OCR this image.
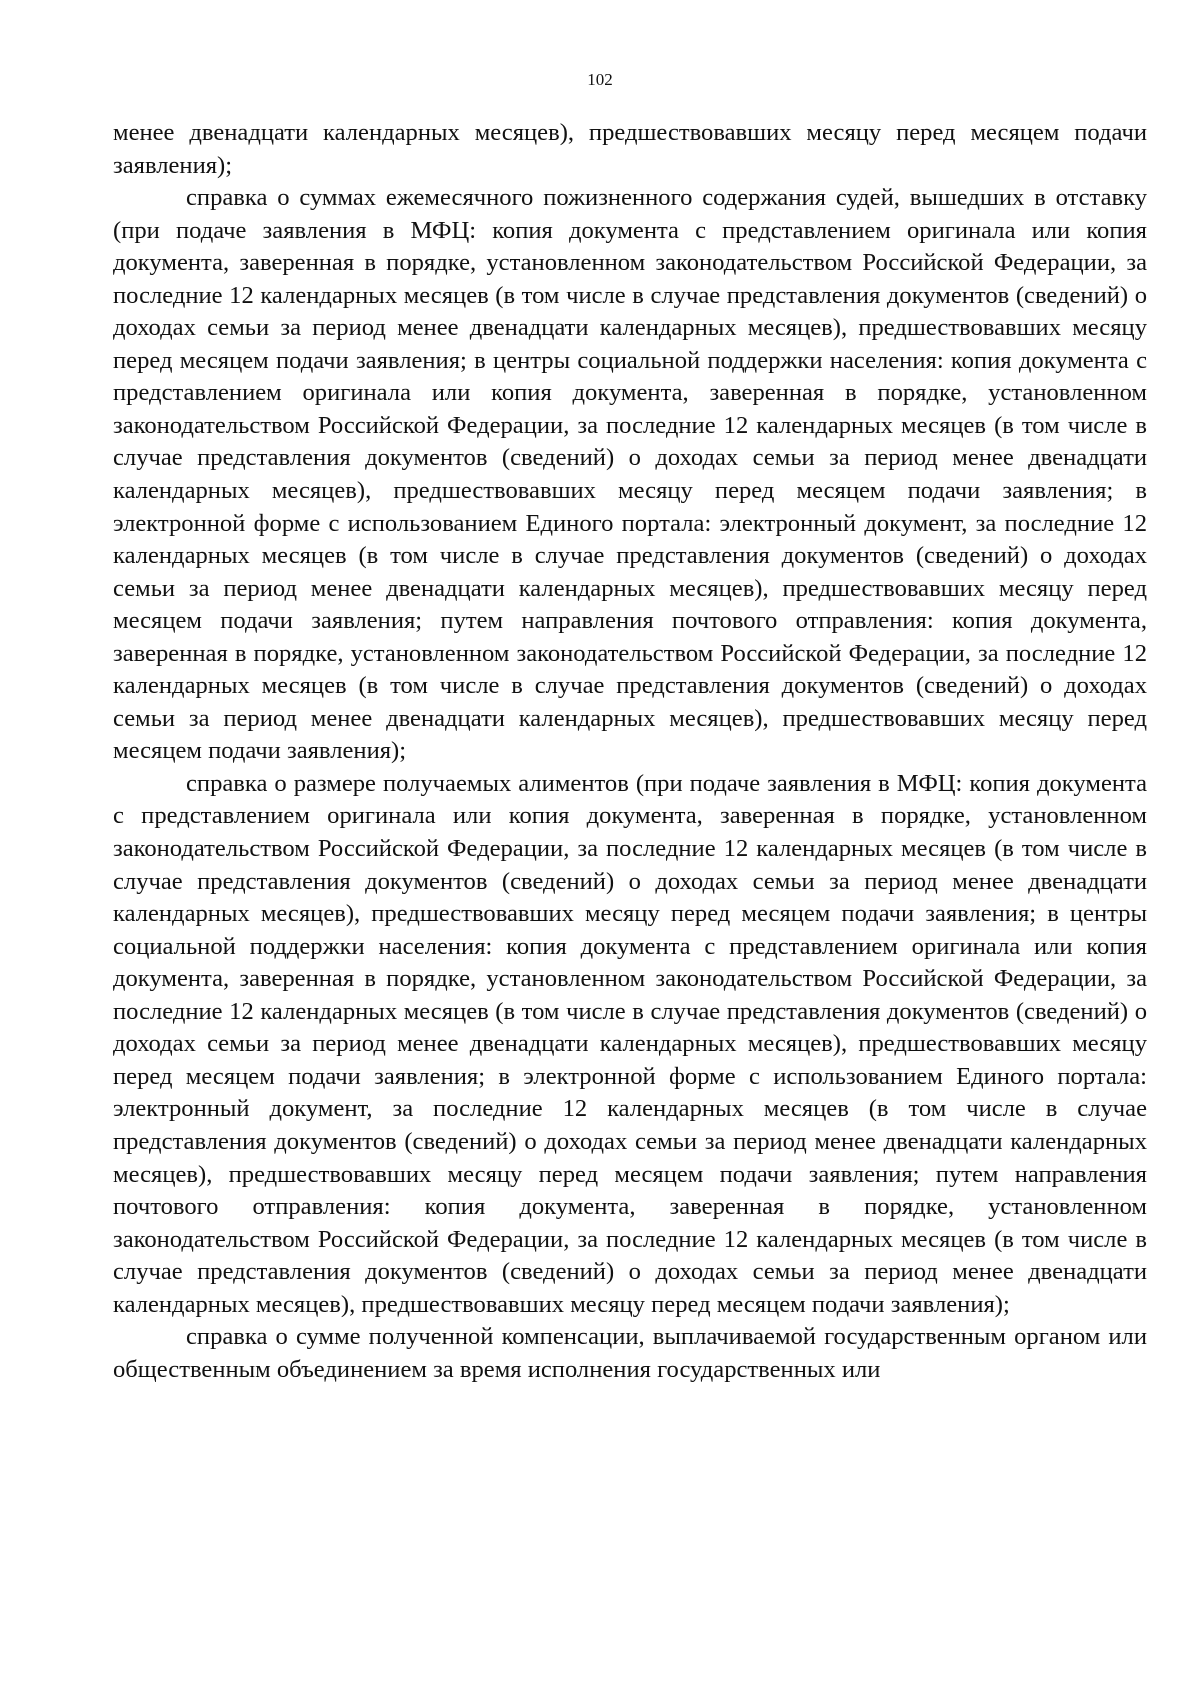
102

менее двенадцати календарных месяцев), предшествовавших месяцу перед месяцем подачи заявления);

справка о суммах ежемесячного пожизненного содержания судей, вышедших в отставку (при подаче заявления в МФЦ: копия документа с представлением оригинала или копия документа, заверенная в порядке, установленном законодательством Российской Федерации, за последние 12 календарных месяцев (в том числе в случае представления документов (сведений) о доходах семьи за период менее двенадцати календарных месяцев), предшествовавших месяцу перед месяцем подачи заявления; в центры социальной поддержки населения: копия документа с представлением оригинала или копия документа, заверенная в порядке, установленном законодательством Российской Федерации, за последние 12 календарных месяцев (в том числе в случае представления документов (сведений) о доходах семьи за период менее двенадцати календарных месяцев), предшествовавших месяцу перед месяцем подачи заявления; в электронной форме с использованием Единого портала: электронный документ, за последние 12 календарных месяцев (в том числе в случае представления документов (сведений) о доходах семьи за период менее двенадцати календарных месяцев), предшествовавших месяцу перед месяцем подачи заявления; путем направления почтового отправления: копия документа, заверенная в порядке, установленном законодательством Российской Федерации, за последние 12 календарных месяцев (в том числе в случае представления документов (сведений) о доходах семьи за период менее двенадцати календарных месяцев), предшествовавших месяцу перед месяцем подачи заявления);

справка о размере получаемых алиментов (при подаче заявления в МФЦ: копия документа с представлением оригинала или копия документа, заверенная в порядке, установленном законодательством Российской Федерации, за последние 12 календарных месяцев (в том числе в случае представления документов (сведений) о доходах семьи за период менее двенадцати календарных месяцев), предшествовавших месяцу перед месяцем подачи заявления; в центры социальной поддержки населения: копия документа с представлением оригинала или копия документа, заверенная в порядке, установленном законодательством Российской Федерации, за последние 12 календарных месяцев (в том числе в случае представления документов (сведений) о доходах семьи за период менее двенадцати календарных месяцев), предшествовавших месяцу перед месяцем подачи заявления; в электронной форме с использованием Единого портала: электронный документ, за последние 12 календарных месяцев (в том числе в случае представления документов (сведений) о доходах семьи за период менее двенадцати календарных месяцев), предшествовавших месяцу перед месяцем подачи заявления; путем направления почтового отправления: копия документа, заверенная в порядке, установленном законодательством Российской Федерации, за последние 12 календарных месяцев (в том числе в случае представления документов (сведений) о доходах семьи за период менее двенадцати календарных месяцев), предшествовавших месяцу перед месяцем подачи заявления);

справка о сумме полученной компенсации, выплачиваемой государственным органом или общественным объединением за время исполнения государственных или
